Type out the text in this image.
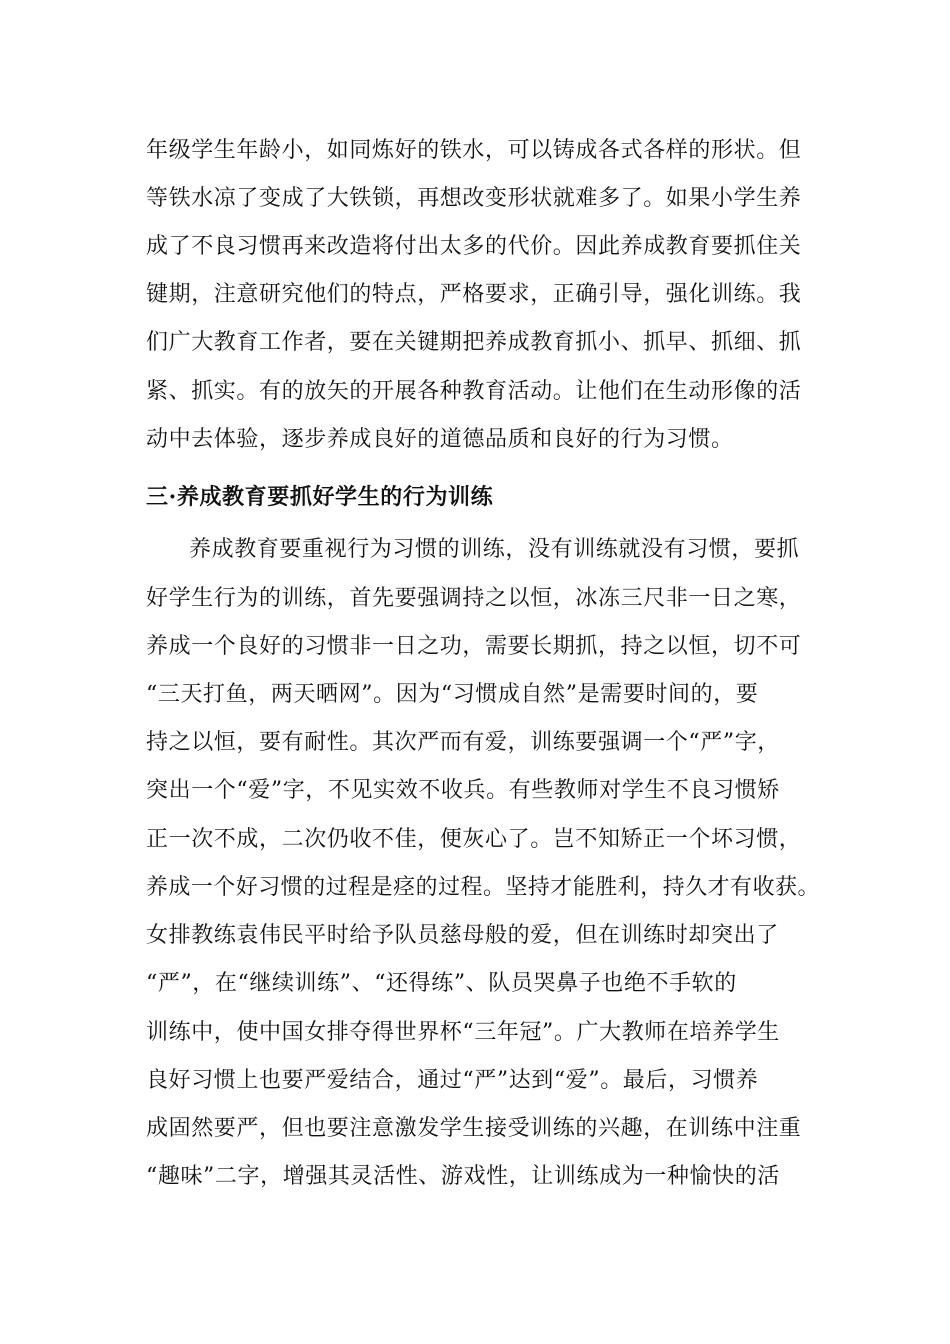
年级学生年龄小，如同炼好的铁水，可以铸成各式各样的形状。但
等铁水凉了变成了大铁锁，再想改变形状就难多了。如果小学生养
成了不良习惯再来改造将付出太多的代价。因此养成教育要抓住关
键期，注意研究他们的特点，严格要求，正确引导，强化训练。我
们广大教育工作者，要在关键期把养成教育抓小、抓早、抓细、抓
紧、抓实。有的放矢的开展各种教育活动。让他们在生动形像的活
动中去体验，逐步养成良好的道德品质和良好的行为习惯。
三·养成教育要抓好学生的行为训练
养成教育要重视行为习惯的训练，没有训练就没有习惯，要抓
好学生行为的训练，首先要强调持之以恒，冰冻三尺非一日之寒，
养成一个良好的习惯非一日之功，需要长期抓，持之以恒，切不可
“三天打鱼，两天晒网”。因为“习惯成自然”是需要时间的，要
持之以恒，要有耐性。其次严而有爱，训练要强调一个“严”字，
突出一个“爱”字，不见实效不收兵。有些教师对学生不良习惯矫
正一次不成，二次仍收不佳，便灰心了。岂不知矫正一个坏习惯，
养成一个好习惯的过程是痉的过程。坚持才能胜利，持久才有收获。
女排教练袁伟民平时给予队员慈母般的爱，但在训练时却突出了
“严”，在“继续训练”、“还得练”、队员哭鼻子也绝不手软的
训练中，使中国女排夺得世界杯“三年冠”。广大教师在培养学生
良好习惯上也要严爱结合，通过“严”达到“爱”。最后，习惯养
成固然要严，但也要注意激发学生接受训练的兴趣，在训练中注重
“趣味”二字，增强其灵活性、游戏性，让训练成为一种愉快的活
